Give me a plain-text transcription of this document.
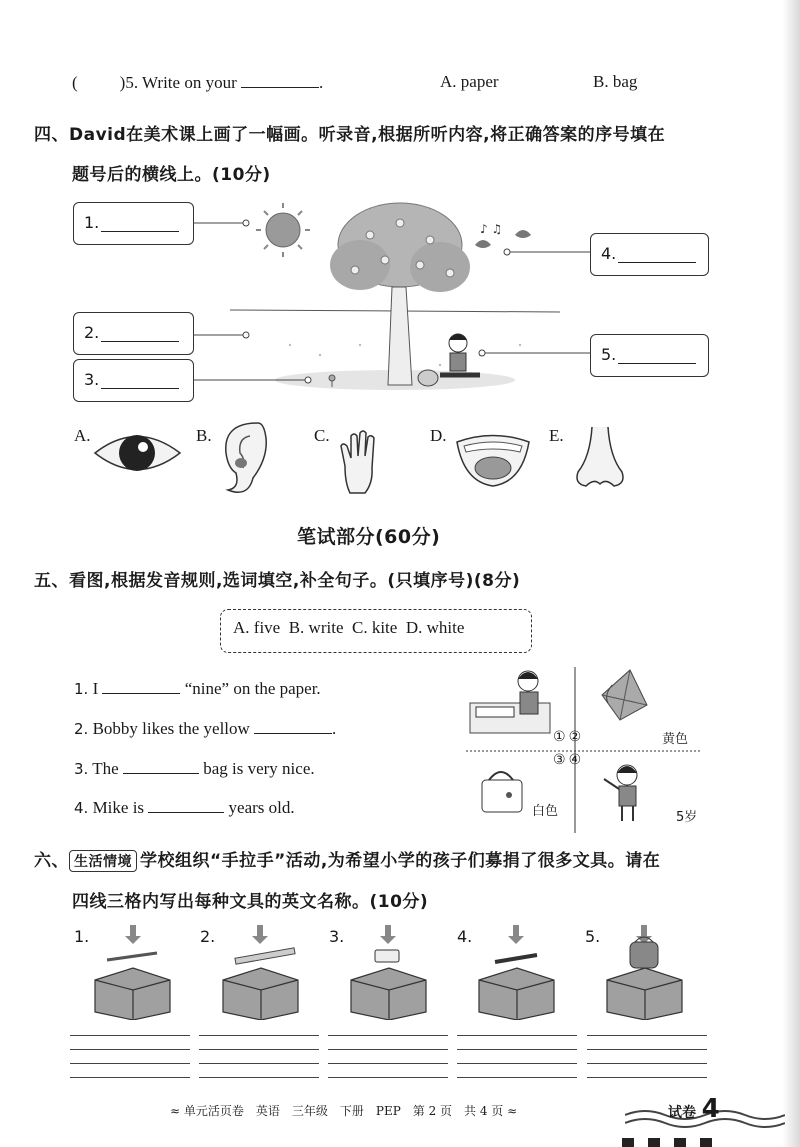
( )5. Write on your	.	A. paper	B. bag
四、David在美术课上画了一幅画。听录音,根据所听内容,将正确答案的序号填在
题号后的横线上。(10分)
♪ ♫
1.
2.
3.
4.
5.
A.	B.	C.	D.	E.
笔试部分(60分)
五、看图,根据发音规则,选词填空,补全句子。(只填序号)(8分)
A. five B. write C. kite D. white
1. I	“nine” on the paper.
2. Bobby likes the yellow	.
3. The	bag is very nice.
4. Mike is	years old.
①②
③④
黄色
白色	5岁
六、 生活情境 学校组织“手拉手”活动,为希望小学的孩子们募捐了很多文具。请在
四线三格内写出每种文具的英文名称。(10分)
1.	2.	3.	4.	5.
≈ 单元活页卷　英语　三年级　下册　PEP　第 2 页　共 4 页 ≈	试卷 4
